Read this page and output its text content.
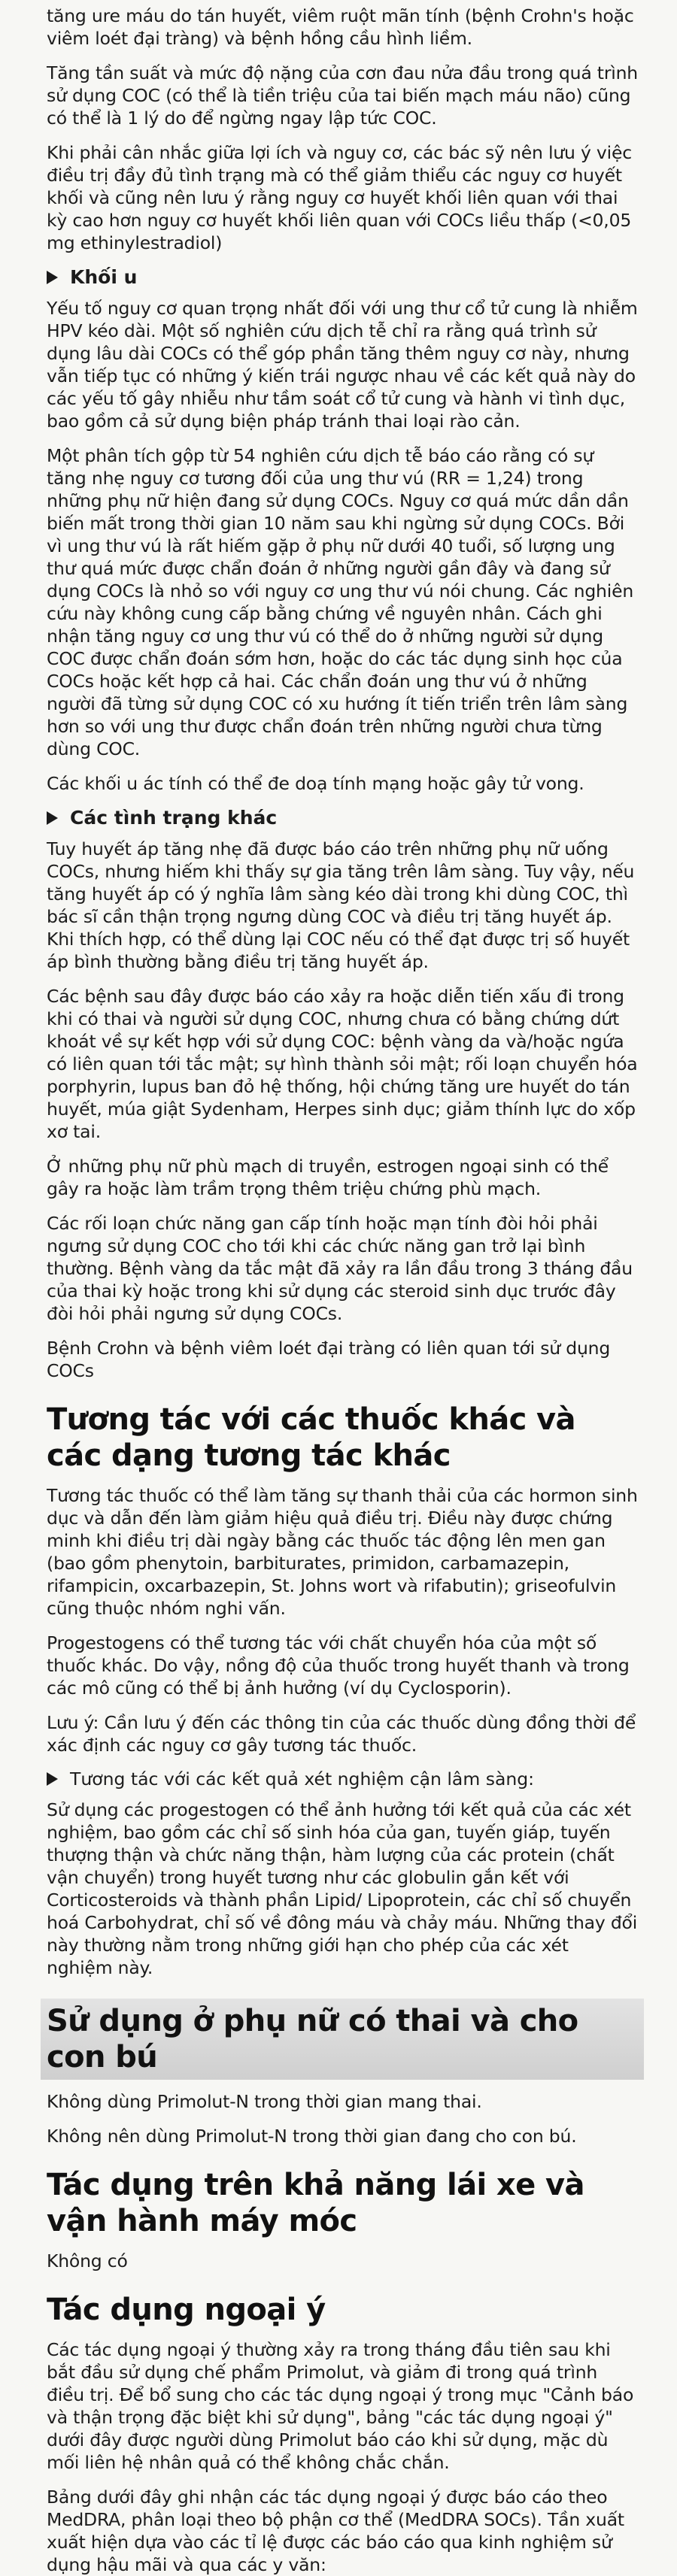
tăng ure máu do tán huyết, viêm ruột mãn tính (bệnh Crohn's hoặc viêm loét đại tràng) và bệnh hồng cầu hình liềm.

Tăng tần suất và mức độ nặng của cơn đau nửa đầu trong quá trình sử dụng COC (có thể là tiền triệu của tai biến mạch máu não) cũng có thể là 1 lý do để ngừng ngay lập tức COC.

Khi phải cân nhắc giữa lợi ích và nguy cơ, các bác sỹ nên lưu ý việc điều trị đầy đủ tình trạng mà có thể giảm thiểu các nguy cơ huyết khối và cũng nên lưu ý rằng nguy cơ huyết khối liên quan với thai kỳ cao hơn nguy cơ huyết khối liên quan với COCs liều thấp (<0,05 mg ethinylestradiol)

Khối u

Yếu tố nguy cơ quan trọng nhất đối với ung thư cổ tử cung là nhiễm HPV kéo dài. Một số nghiên cứu dịch tễ chỉ ra rằng quá trình sử dụng lâu dài COCs có thể góp phần tăng thêm nguy cơ này, nhưng vẫn tiếp tục có những ý kiến trái ngược nhau về các kết quả này do các yếu tố gây nhiễu như tầm soát cổ tử cung và hành vi tình dục, bao gồm cả sử dụng biện pháp tránh thai loại rào cản.

Một phân tích gộp từ 54 nghiên cứu dịch tễ báo cáo rằng có sự tăng nhẹ nguy cơ tương đối của ung thư vú (RR = 1,24) trong những phụ nữ hiện đang sử dụng COCs. Nguy cơ quá mức dần dần biến mất trong thời gian 10 năm sau khi ngừng sử dụng COCs. Bởi vì ung thư vú là rất hiếm gặp ở phụ nữ dưới 40 tuổi, số lượng ung thư quá mức được chẩn đoán ở những người gần đây và đang sử dụng COCs là nhỏ so với nguy cơ ung thư vú nói chung. Các nghiên cứu này không cung cấp bằng chứng về nguyên nhân. Cách ghi nhận tăng nguy cơ ung thư vú có thể do ở những người sử dụng COC được chẩn đoán sớm hơn, hoặc do các tác dụng sinh học của COCs hoặc kết hợp cả hai. Các chẩn đoán ung thư vú ở những người đã từng sử dụng COC có xu hướng ít tiến triển trên lâm sàng hơn so với ung thư được chẩn đoán trên những người chưa từng dùng COC.

Các khối u ác tính có thể đe doạ tính mạng hoặc gây tử vong.

Các tình trạng khác

Tuy huyết áp tăng nhẹ đã được báo cáo trên những phụ nữ uống COCs, nhưng hiếm khi thấy sự gia tăng trên lâm sàng. Tuy vậy, nếu tăng huyết áp có ý nghĩa lâm sàng kéo dài trong khi dùng COC, thì bác sĩ cần thận trọng ngưng dùng COC và điều trị tăng huyết áp. Khi thích hợp, có thể dùng lại COC nếu có thể đạt được trị số huyết áp bình thường bằng điều trị tăng huyết áp.

Các bệnh sau đây được báo cáo xảy ra hoặc diễn tiến xấu đi trong khi có thai và người sử dụng COC, nhưng chưa có bằng chứng dứt khoát về sự kết hợp với sử dụng COC: bệnh vàng da và/hoặc ngứa có liên quan tới tắc mật; sự hình thành sỏi mật; rối loạn chuyển hóa porphyrin, lupus ban đỏ hệ thống, hội chứng tăng ure huyết do tán huyết, múa giật Sydenham, Herpes sinh dục; giảm thính lực do xốp xơ tai.

Ở những phụ nữ phù mạch di truyền, estrogen ngoại sinh có thể gây ra hoặc làm trầm trọng thêm triệu chứng phù mạch.

Các rối loạn chức năng gan cấp tính hoặc mạn tính đòi hỏi phải ngưng sử dụng COC cho tới khi các chức năng gan trở lại bình thường. Bệnh vàng da tắc mật đã xảy ra lần đầu trong 3 tháng đầu của thai kỳ hoặc trong khi sử dụng các steroid sinh dục trước đây đòi hỏi phải ngưng sử dụng COCs.

Bệnh Crohn và bệnh viêm loét đại tràng có liên quan tới sử dụng COCs

Tương tác với các thuốc khác và các dạng tương tác khác

Tương tác thuốc có thể làm tăng sự thanh thải của các hormon sinh dục và dẫn đến làm giảm hiệu quả điều trị. Điều này được chứng minh khi điều trị dài ngày bằng các thuốc tác động lên men gan (bao gồm phenytoin, barbiturates, primidon, carbamazepin, rifampicin, oxcarbazepin, St. Johns wort và rifabutin); griseofulvin cũng thuộc nhóm nghi vấn.

Progestogens có thể tương tác với chất chuyển hóa của một số thuốc khác. Do vậy, nồng độ của thuốc trong huyết thanh và trong các mô cũng có thể bị ảnh hưởng (ví dụ Cyclosporin).

Lưu ý: Cần lưu ý đến các thông tin của các thuốc dùng đồng thời để xác định các nguy cơ gây tương tác thuốc.

Tương tác với các kết quả xét nghiệm cận lâm sàng:

Sử dụng các progestogen có thể ảnh hưởng tới kết quả của các xét nghiệm, bao gồm các chỉ số sinh hóa của gan, tuyến giáp, tuyến thượng thận và chức năng thận, hàm lượng của các protein (chất vận chuyển) trong huyết tương như các globulin gắn kết với Corticosteroids và thành phần Lipid/ Lipoprotein, các chỉ số chuyển hoá Carbohydrat, chỉ số về đông máu và chảy máu. Những thay đổi này thường nằm trong những giới hạn cho phép của các xét nghiệm này.

Sử dụng ở phụ nữ có thai và cho con bú

Không dùng Primolut-N trong thời gian mang thai.

Không nên dùng Primolut-N trong thời gian đang cho con bú.

Tác dụng trên khả năng lái xe và vận hành máy móc

Không có

Tác dụng ngoại ý

Các tác dụng ngoại ý thường xảy ra trong tháng đầu tiên sau khi bắt đầu sử dụng chế phẩm Primolut, và giảm đi trong quá trình điều trị. Để bổ sung cho các tác dụng ngoại ý trong mục "Cảnh báo và thận trọng đặc biệt khi sử dụng", bảng "các tác dụng ngoại ý" dưới đây được người dùng Primolut báo cáo khi sử dụng, mặc dù mối liên hệ nhân quả có thể không chắc chắn.

Bảng dưới đây ghi nhận các tác dụng ngoại ý được báo cáo theo MedDRA, phân loại theo bộ phận cơ thể (MedDRA SOCs). Tần xuất xuất hiện dựa vào các tỉ lệ được các báo cáo qua kinh nghiệm sử dụng hậu mãi và qua các y văn:
